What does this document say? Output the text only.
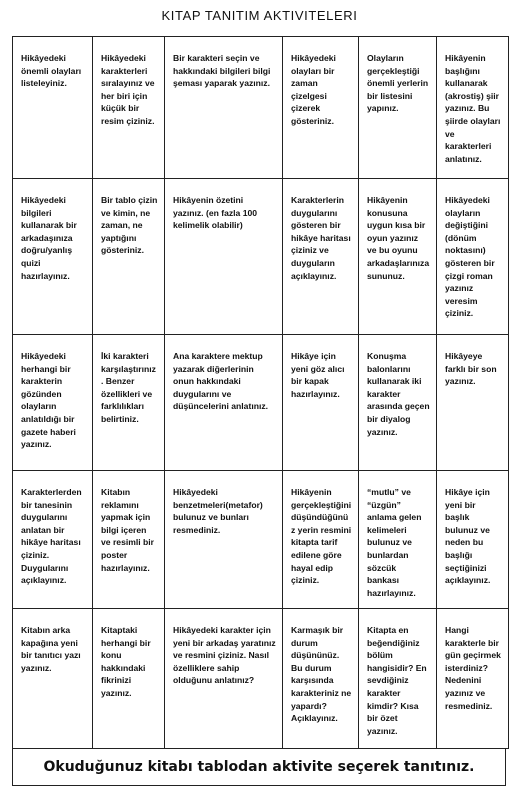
KITAP TANITIM AKTIVITELERI
Hikâyedeki önemli olayları listeleyiniz.	Hikâyedeki karakterleri sıralayınız ve her biri için küçük bir resim çiziniz.	Bir karakteri seçin ve hakkındaki bilgileri bilgi şeması yaparak yazınız.	Hikâyedeki olayları bir zaman çizelgesi çizerek gösteriniz.	Olayların gerçekleştiği önemli yerlerin bir listesini yapınız.	Hikâyenin başlığını kullanarak (akrostiş) şiir yazınız. Bu şiirde olayları ve karakterleri anlatınız.

Hikâyedeki bilgileri kullanarak bir arkadaşınıza doğru/yanlış quizi hazırlayınız.	Bir tablo çizin ve kimin, ne zaman, ne yaptığını gösteriniz.	Hikâyenin özetini yazınız. (en fazla 100 kelimelik olabilir)	Karakterlerin duygularını gösteren bir hikâye haritası çiziniz ve duyguların açıklayınız.	Hikâyenin konusuna uygun kısa bir oyun yazınız ve bu oyunu arkadaşlarınıza sununuz.	Hikâyedeki olayların değiştiğini (dönüm noktasını) gösteren bir çizgi roman yazınız veresim çiziniz.

Hikâyedeki herhangi bir karakterin gözünden olayların anlatıldığı bir gazete haberi yazınız.	İki karakteri karşılaştırınız. Benzer özellikleri ve farklılıkları belirtiniz.	Ana karaktere mektup yazarak diğerlerinin onun hakkındaki duygularını ve düşüncelerini anlatınız.	Hikâye için yeni göz alıcı bir kapak hazırlayınız.	Konuşma balonlarını kullanarak iki karakter arasında geçen bir diyalog yazınız.	Hikâyeye farklı bir son yazınız.

Karakterlerden bir tanesinin duygularını anlatan bir hikâye haritası çiziniz. Duygularını açıklayınız.	Kitabın reklamını yapmak için bilgi içeren ve resimli bir poster hazırlayınız.	Hikâyedeki benzetmeleri(metafor) bulunuz ve bunları resmediniz.	Hikâyenin gerçekleştiğini düşündüğünüz yerin resmini kitapta tarif edilene göre hayal edip çiziniz.	“mutlu” ve “üzgün” anlama gelen kelimeleri bulunuz ve bunlardan sözcük bankası hazırlayınız.	Hikâye için yeni bir başlık bulunuz ve neden bu başlığı seçtiğinizi açıklayınız.

Kitabın arka kapağına yeni bir tanıtıcı yazı yazınız.	Kitaptaki herhangi bir konu hakkındaki fikrinizi yazınız.	Hikâyedeki karakter için yeni bir arkadaş yaratınız ve resmini çiziniz. Nasıl özelliklere sahip olduğunu anlatınız?	Karmaşık bir durum düşününüz. Bu durum karşısında karakteriniz ne yapardı? Açıklayınız.	Kitapta en beğendiğiniz bölüm hangisidir? En sevdiğiniz karakter kimdir? Kısa bir özet yazınız.	Hangi karakterle bir gün geçirmek isterdiniz? Nedenini yazınız ve resmediniz.
Okuduğunuz kitabı tablodan aktivite seçerek tanıtınız.
